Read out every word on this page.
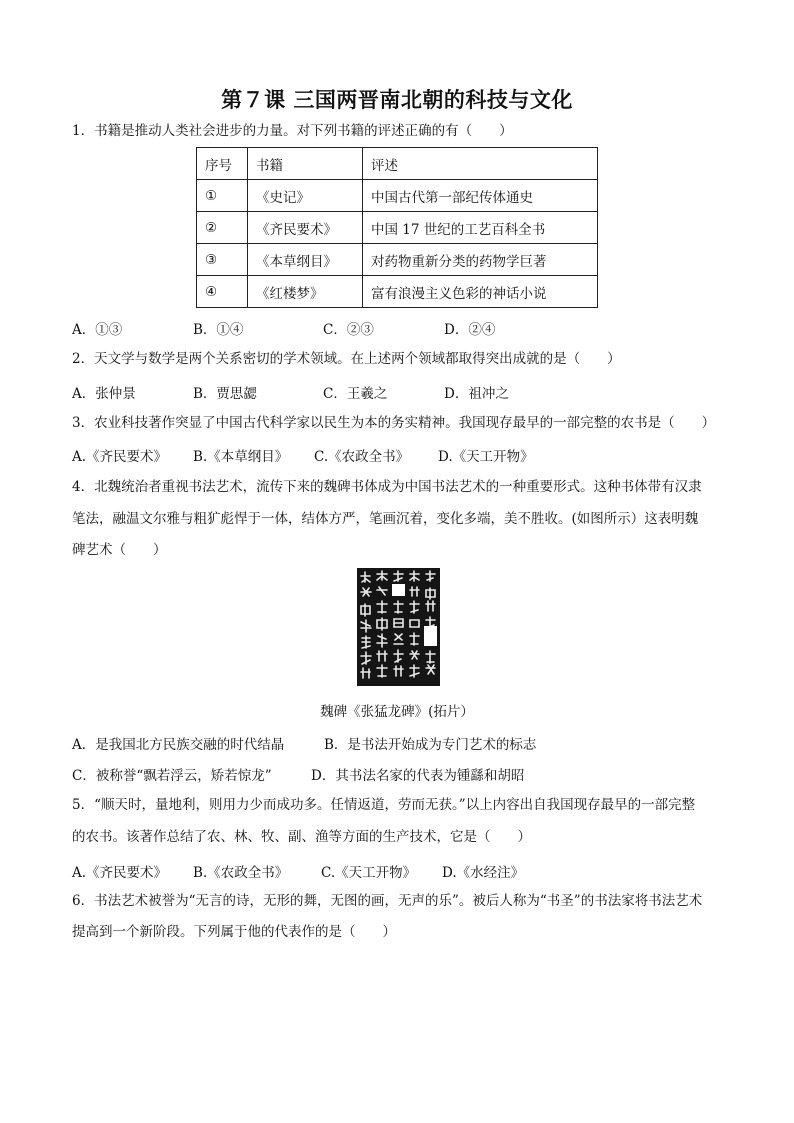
第７课 三国两晋南北朝的科技与文化
1．书籍是推动人类社会进步的力量。对下列书籍的评述正确的有（　　）
序号	书籍	评述
①	《史记》	中国古代第一部纪传体通史
②	《齐民要术》	中国 17 世纪的工艺百科全书
③	《本草纲目》	对药物重新分类的药物学巨著
④	《红楼梦》	富有浪漫主义色彩的神话小说
A．①③	B．①④	C．②③	D．②④
2．天文学与数学是两个关系密切的学术领域。在上述两个领域都取得突出成就的是（　　）
A．张仲景	B．贾思勰	C．王羲之	D．祖冲之
3．农业科技著作突显了中国古代科学家以民生为本的务实精神。我国现存最早的一部完整的农书是（　　）
A.《齐民要术》 B.《本草纲目》 C.《农政全书》 D.《天工开物》
4．北魏统治者重视书法艺术，流传下来的魏碑书体成为中国书法艺术的一种重要形式。这种书体带有汉隶
笔法，融温文尔雅与粗犷彪悍于一体，结体方严，笔画沉着，变化多端，美不胜收。(如图所示）这表明魏
碑艺术（　　）
魏碑《张猛龙碑》(拓片）
A．是我国北方民族交融的时代结晶	B．是书法开始成为专门艺术的标志
C．被称誉“飘若浮云，矫若惊龙”	D．其书法名家的代表为锺繇和胡昭
5．“顺天时，量地利，则用力少而成功多。任情返道，劳而无获。”以上内容出自我国现存最早的一部完整
的农书。该著作总结了农、林、牧、副、渔等方面的生产技术，它是（　　）
A.《齐民要术》 B.《农政全书》 C.《天工开物》 D.《水经注》
6．书法艺术被誉为“无言的诗，无形的舞，无图的画，无声的乐”。被后人称为“书圣”的书法家将书法艺术
提高到一个新阶段。下列属于他的代表作的是（　　）
